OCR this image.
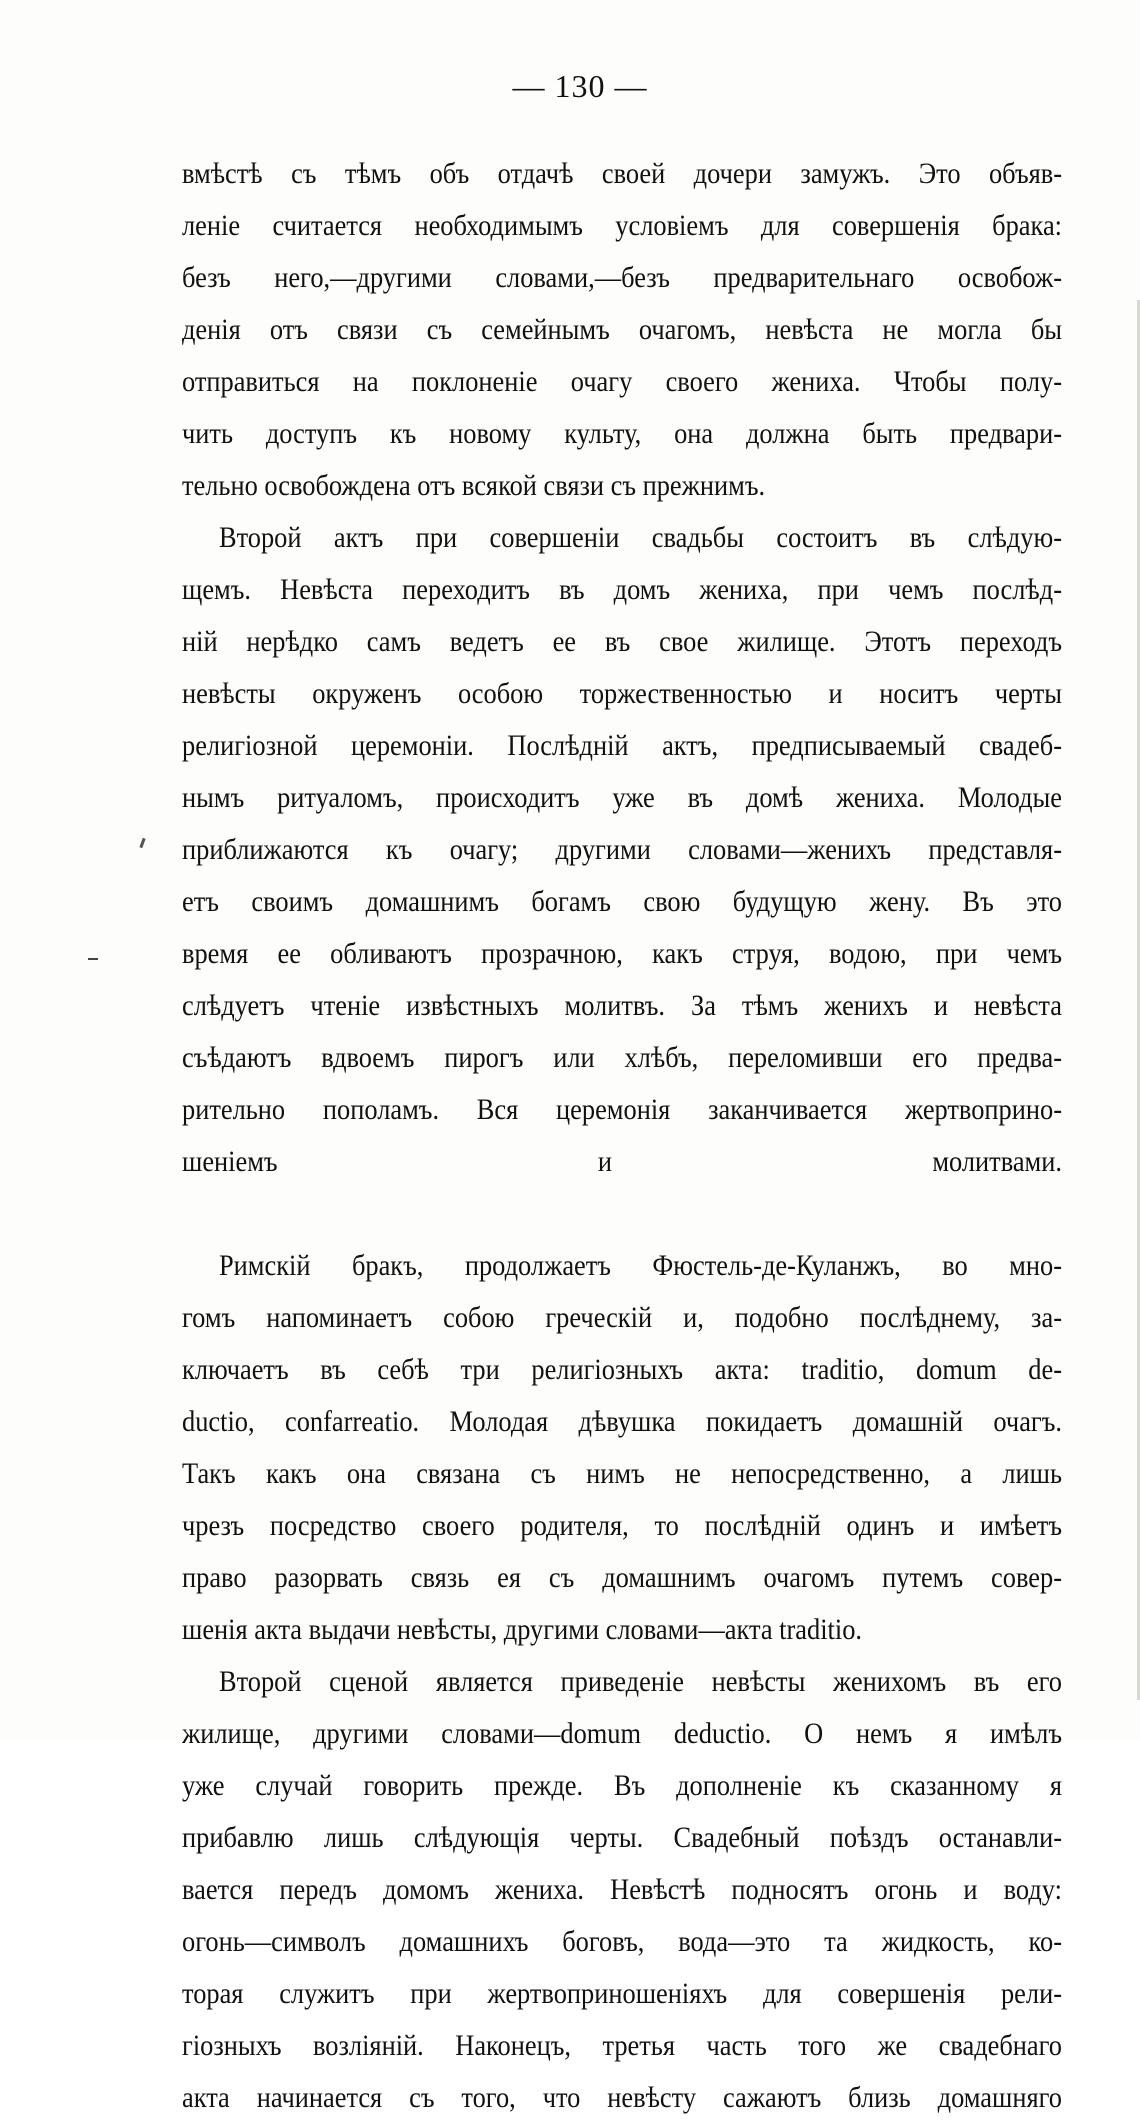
— 130 —
вмѣстѣ съ тѣмъ объ отдачѣ своей дочери замужъ. Это объяв-
леніе считается необходимымъ условіемъ для совершенія брака:
безъ него,—другими словами,—безъ предварительнаго освобож-
денія отъ связи съ семейнымъ очагомъ, невѣста не могла бы
отправиться на поклоненіе очагу своего жениха. Чтобы полу-
чить доступъ къ новому культу, она должна быть предвари-
тельно освобождена отъ всякой связи съ прежнимъ.
Второй актъ при совершеніи свадьбы состоитъ въ слѣдую-
щемъ. Невѣста переходитъ въ домъ жениха, при чемъ послѣд-
ній нерѣдко самъ ведетъ ее въ свое жилище. Этотъ переходъ
невѣсты окруженъ особою торжественностью и носитъ черты
религіозной церемоніи. Послѣдній актъ, предписываемый свадеб-
нымъ ритуаломъ, происходитъ уже въ домѣ жениха. Молодые
приближаются къ очагу; другими словами—женихъ представля-
етъ своимъ домашнимъ богамъ свою будущую жену. Въ это
время ее обливаютъ прозрачною, какъ струя, водою, при чемъ
слѣдуетъ чтеніе извѣстныхъ молитвъ. За тѣмъ женихъ и невѣста
съѣдаютъ вдвоемъ пирогъ или хлѣбъ, переломивши его предва-
рительно пополамъ. Вся церемонія заканчивается жертвоприно-
шеніемъ и молитвами.
Римскій бракъ, продолжаетъ Фюстель-де-Куланжъ, во мно-
гомъ напоминаетъ собою греческій и, подобно послѣднему, за-
ключаетъ въ себѣ три религіозныхъ акта: traditio, domum de-
ductio, confarreatio. Молодая дѣвушка покидаетъ домашній очагъ.
Такъ какъ она связана съ нимъ не непосредственно, а лишь
чрезъ посредство своего родителя, то послѣдній одинъ и имѣетъ
право разорвать связь ея съ домашнимъ очагомъ путемъ совер-
шенія акта выдачи невѣсты, другими словами—акта traditio.
Второй сценой является приведеніе невѣсты женихомъ въ его
жилище, другими словами—domum deductio. О немъ я имѣлъ
уже случай говорить прежде. Въ дополненіе къ сказанному я
прибавлю лишь слѣдующія черты. Свадебный поѣздъ останавли-
вается передъ домомъ жениха. Невѣстѣ подносятъ огонь и воду:
огонь—символъ домашнихъ боговъ, вода—это та жидкость, ко-
торая служитъ при жертвоприношеніяхъ для совершенія рели-
гіозныхъ возліяній. Наконецъ, третья часть того же свадебнаго
акта начинается съ того, что невѣсту сажаютъ близь домашняго
